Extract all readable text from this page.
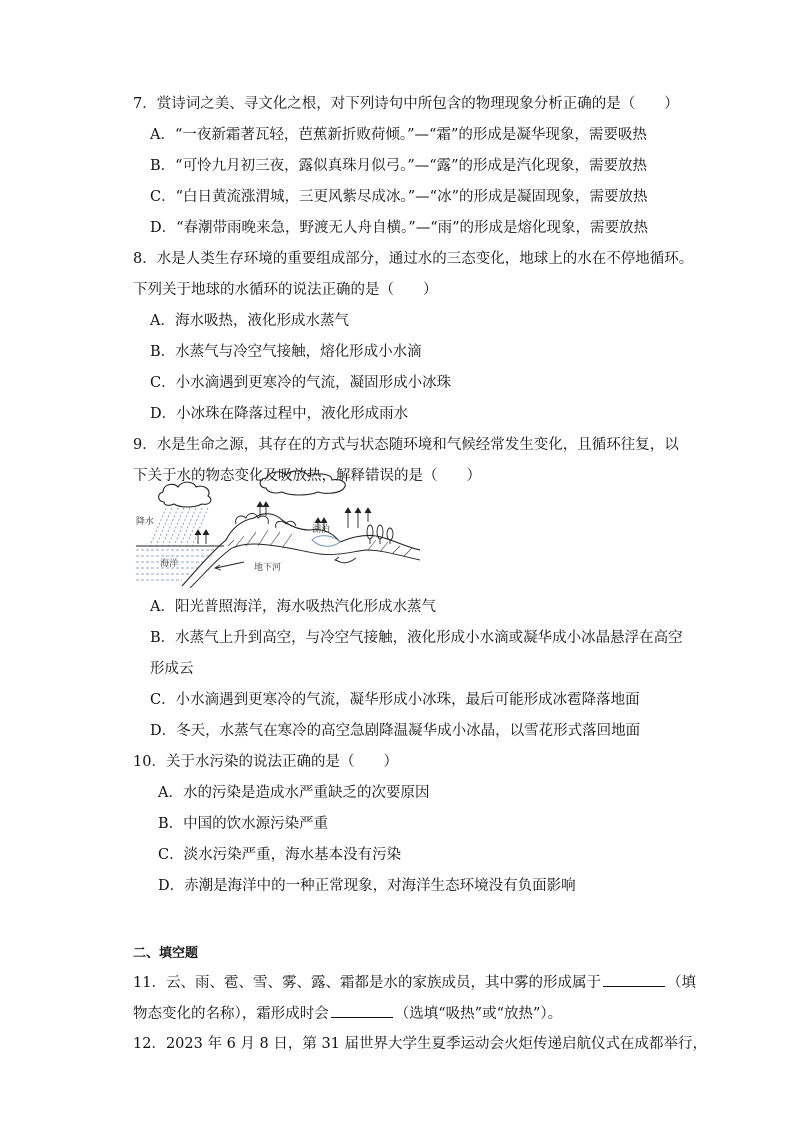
7．赏诗词之美、寻文化之根，对下列诗句中所包含的物理现象分析正确的是（　　）
A．“一夜新霜著瓦轻，芭蕉新折败荷倾。”—“霜”的形成是凝华现象，需要吸热
B．“可怜九月初三夜，露似真珠月似弓。”—“露”的形成是汽化现象，需要放热
C．“白日黄流涨渭城，三更风紫尽成冰。”—“冰”的形成是凝固现象，需要放热
D．“春潮带雨晚来急，野渡无人舟自横。”—“雨”的形成是熔化现象，需要放热
8．水是人类生存环境的重要组成部分，通过水的三态变化，地球上的水在不停地循环。
下列关于地球的水循环的说法正确的是（　　）
A．海水吸热，液化形成水蒸气
B．水蒸气与冷空气接触，熔化形成小水滴
C．小水滴遇到更寒冷的气流，凝固形成小冰珠
D．小冰珠在降落过程中，液化形成雨水
9．水是生命之源，其存在的方式与状态随环境和气候经常发生变化，且循环往复，以
下关于水的物态变化及吸放热，解释错误的是（　　）
降水
海洋
湖泊
地下河
A．阳光普照海洋，海水吸热汽化形成水蒸气
B．水蒸气上升到高空，与冷空气接触，液化形成小水滴或凝华成小冰晶悬浮在高空
形成云
C．小水滴遇到更寒冷的气流，凝华形成小冰珠，最后可能形成冰雹降落地面
D．冬天，水蒸气在寒冷的高空急剧降温凝华成小冰晶，以雪花形式落回地面
10．关于水污染的说法正确的是（　　）
A．水的污染是造成水严重缺乏的次要原因
B．中国的饮水源污染严重
C．淡水污染严重，海水基本没有污染
D．赤潮是海洋中的一种正常现象，对海洋生态环境没有负面影响
二、填空题
11．云、雨、雹、雪、雾、露、霜都是水的家族成员，其中雾的形成属于	（填
物态变化的名称），霜形成时会	（选填“吸热”或“放热”）。
12．2023 年 6 月 8 日，第 31 届世界大学生夏季运动会火炬传递启航仪式在成都举行，
